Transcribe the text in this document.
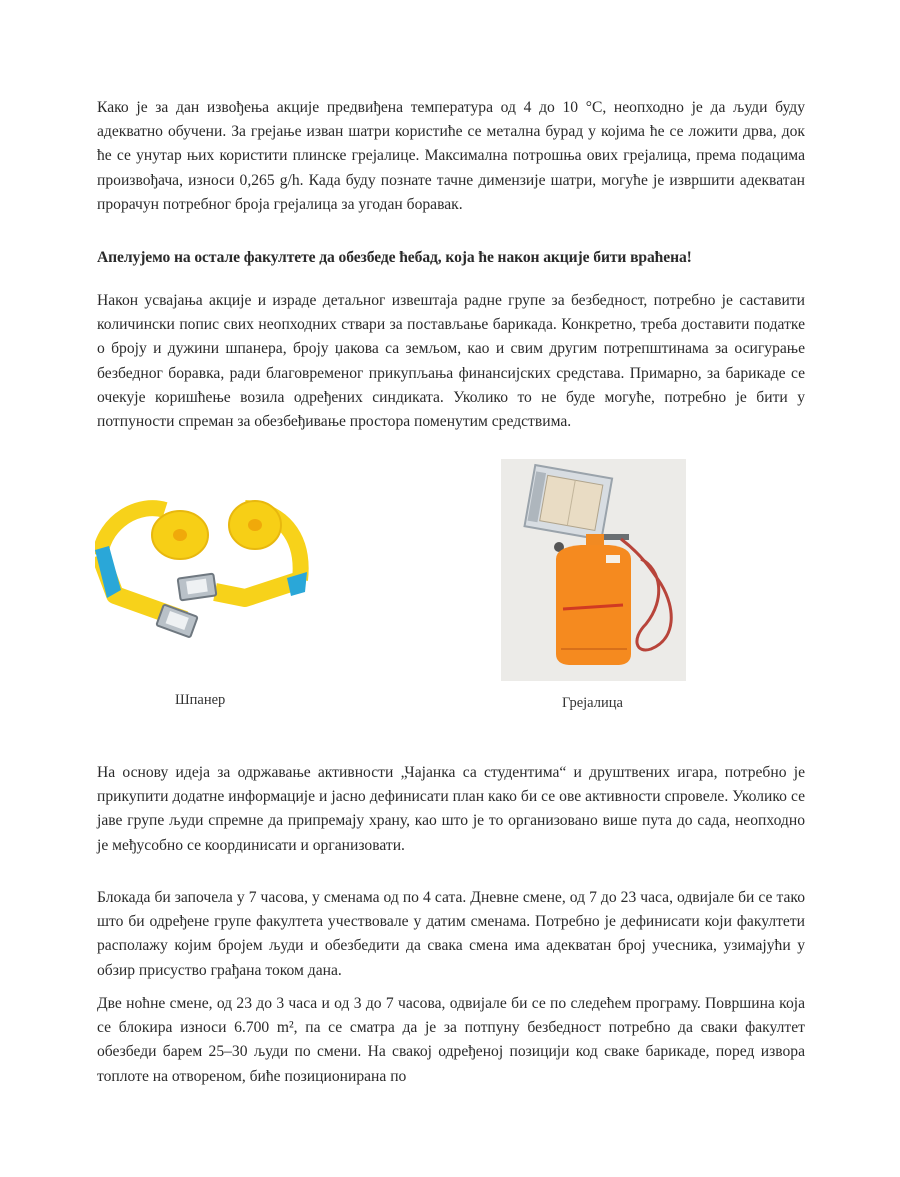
Како је за дан извођења акције предвиђена температура од 4 до 10 °C, неопходно је да људи буду адекватно обучени. За грејање изван шатри користиће се метална бурад у којима ће се ложити дрва, док ће се унутар њих користити плинске грејалице. Максимална потрошња ових грејалица, према подацима произвођача, износи 0,265 g/h. Када буду познате тачне димензије шатри, могуће је извршити адекватан прорачун потребног броја грејалица за угодан боравак.

Апелујемо на остале факултете да обезбеде ћебад, која ће након акције бити враћена!

Након усвајања акције и израде детаљног извештаја радне групе за безбедност, потребно је саставити количински попис свих неопходних ствари за постављање барикада. Конкретно, треба доставити податке о броју и дужини шпанера, броју џакова са земљом, као и свим другим потрепштинама за осигурање безбедног боравка, ради благовременог прикупљања финансијских средстава. Примарно, за барикаде се очекује коришћење возила одређених синдиката. Уколико то не буде могуће, потребно је бити у потпуности спреман за обезбеђивање простора поменутим средствима.

На основу идеја за одржавање активности „Чајанка са студентима“ и друштвених игара, потребно је прикупити додатне информације и јасно дефинисати план како би се ове активности спровеле. Уколико се јаве групе људи спремне да припремају храну, као што је то организовано више пута до сада, неопходно је међусобно се координисати и организовати.

Блокада би започела у 7 часова, у сменама од по 4 сата. Дневне смене, од 7 до 23 часа, одвијале би се тако што би одређене групе факултета учествовале у датим сменама. Потребно је дефинисати који факултети располажу којим бројем људи и обезбедити да свака смена има адекватан број учесника, узимајући у обзир присуство грађана током дана.

Две ноћне смене, од 23 до 3 часа и од 3 до 7 часова, одвијале би се по следећем програму. Површина која се блокира износи 6.700 m², па се сматра да је за потпуну безбедност потребно да сваки факултет обезбеди барем 25–30 људи по смени. На свакој одређеној позицији код сваке барикаде, поред извора топлоте на отвореном, биће позиционирана по

Шпанер	Грејалица
